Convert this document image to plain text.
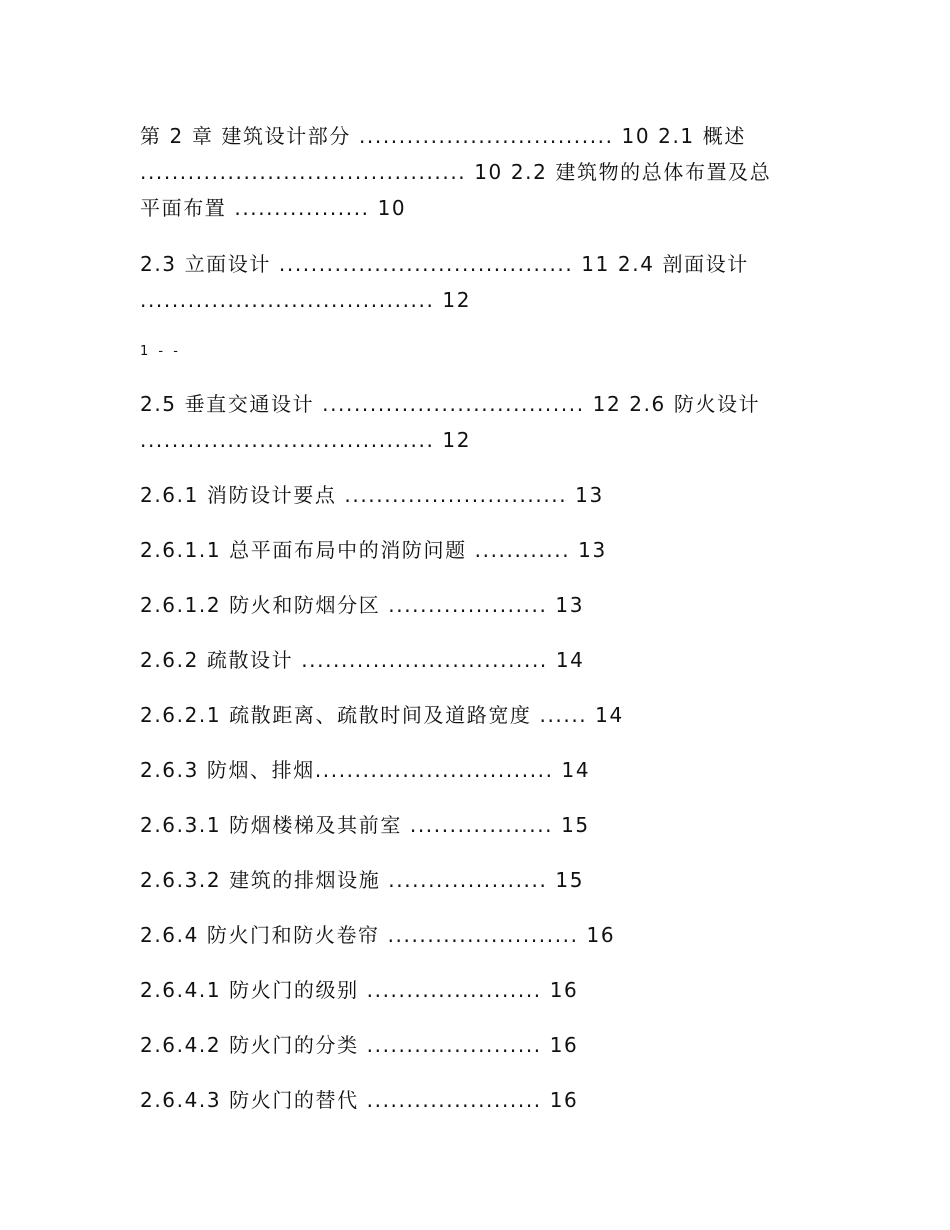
第 2 章 建筑设计部分 ................................ 10 2.1 概述
......................................... 10 2.2 建筑物的总体布置及总
平面布置 ................. 10
2.3 立面设计 ..................................... 11 2.4 剖面设计
..................................... 12
1 - -
2.5 垂直交通设计 ................................. 12 2.6 防火设计
..................................... 12
2.6.1 消防设计要点 ............................ 13
2.6.1.1 总平面布局中的消防问题 ............ 13
2.6.1.2 防火和防烟分区 .................... 13
2.6.2 疏散设计 ............................... 14
2.6.2.1 疏散距离、疏散时间及道路宽度 ...... 14
2.6.3 防烟、排烟.............................. 14
2.6.3.1 防烟楼梯及其前室 .................. 15
2.6.3.2 建筑的排烟设施 .................... 15
2.6.4 防火门和防火卷帘 ........................ 16
2.6.4.1 防火门的级别 ...................... 16
2.6.4.2 防火门的分类 ...................... 16
2.6.4.3 防火门的替代 ...................... 16
